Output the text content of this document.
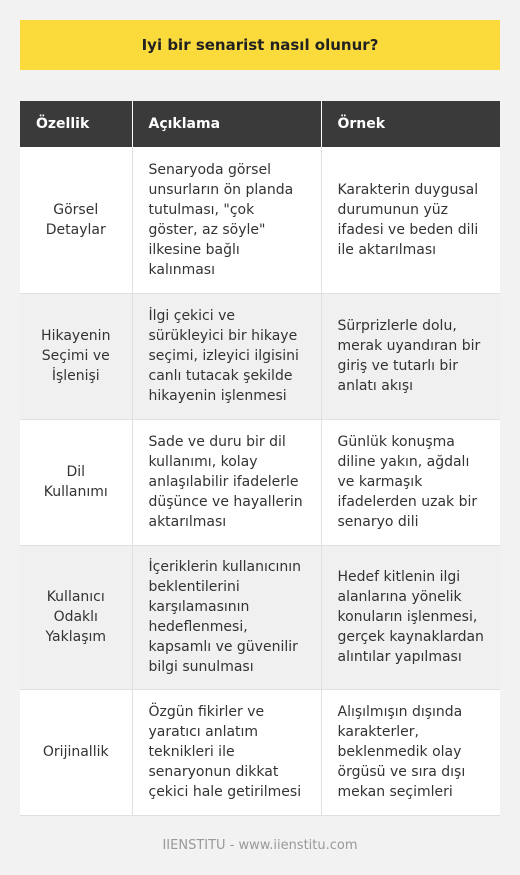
Iyi bir senarist nasıl olunur?
Özellik	Açıklama	Örnek
Görsel Detaylar	Senaryoda görsel unsurların ön planda tutulması, "çok göster, az söyle" ilkesine bağlı kalınması	Karakterin duygusal durumunun yüz ifadesi ve beden dili ile aktarılması
Hikayenin Seçimi ve İşlenişi	İlgi çekici ve sürükleyici bir hikaye seçimi, izleyici ilgisini canlı tutacak şekilde hikayenin işlenmesi	Sürprizlerle dolu, merak uyandıran bir giriş ve tutarlı bir anlatı akışı
Dil Kullanımı	Sade ve duru bir dil kullanımı, kolay anlaşılabilir ifadelerle düşünce ve hayallerin aktarılması	Günlük konuşma diline yakın, ağdalı ve karmaşık ifadelerden uzak bir senaryo dili
Kullanıcı Odaklı Yaklaşım	İçeriklerin kullanıcının beklentilerini karşılamasının hedeflenmesi, kapsamlı ve güvenilir bilgi sunulması	Hedef kitlenin ilgi alanlarına yönelik konuların işlenmesi, gerçek kaynaklardan alıntılar yapılması
Orijinallik	Özgün fikirler ve yaratıcı anlatım teknikleri ile senaryonun dikkat çekici hale getirilmesi	Alışılmışın dışında karakterler, beklenmedik olay örgüsü ve sıra dışı mekan seçimleri
IIENSTITU - www.iienstitu.com
